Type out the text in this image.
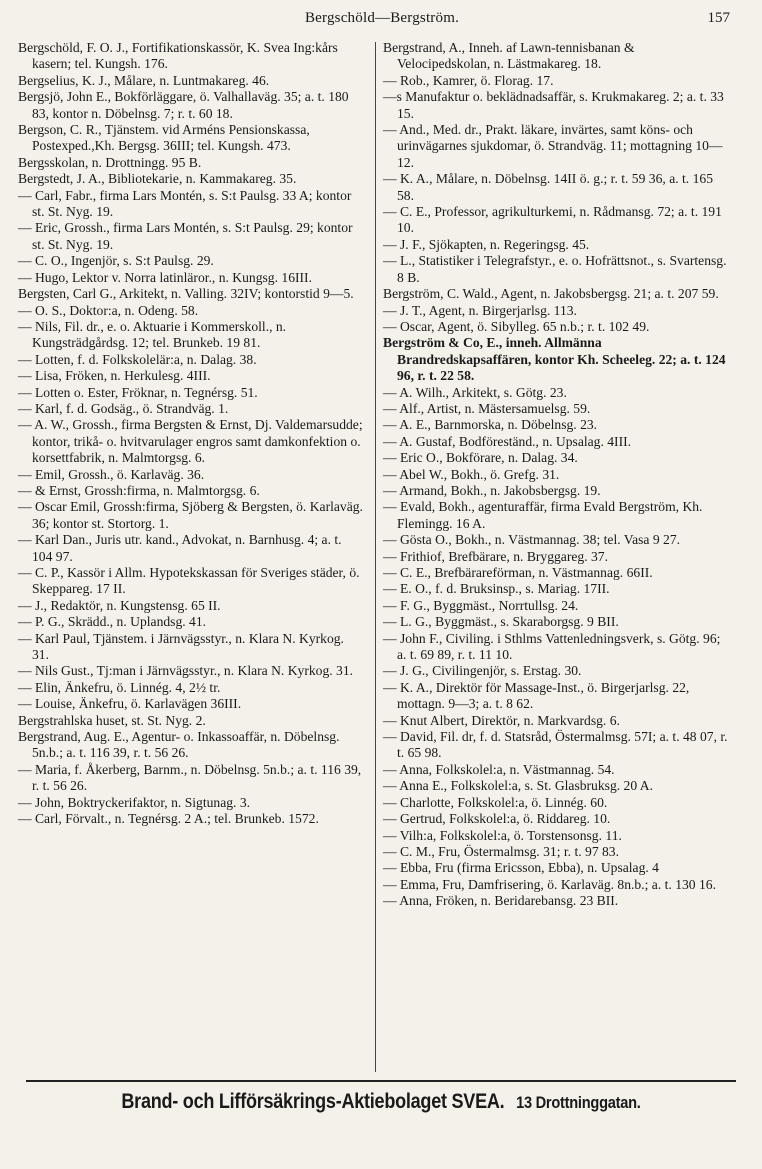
Bergschöld—Bergström.	157
Bergschöld, F. O. J., Fortifikationskassör, K. Svea Ing:kårs kasern; tel. Kungsh. 176.
Bergselius, K. J., Målare, n. Luntmakareg. 46.
Bergsjö, John E., Bokförläggare, ö. Valhallaväg. 35; a. t. 180 83, kontor n. Döbelnsg. 7; r. t. 60 18.
Bergson, C. R., Tjänstem. vid Arméns Pensionskassa, Postexped.,Kh. Bergsg. 36III; tel. Kungsh. 473.
Bergsskolan, n. Drottningg. 95 B.
Bergstedt, J. A., Bibliotekarie, n. Kammakareg. 35.
— Carl, Fabr., firma Lars Montén, s. S:t Paulsg. 33 A; kontor st. St. Nyg. 19.
— Eric, Grossh., firma Lars Montén, s. S:t Paulsg. 29; kontor st. St. Nyg. 19.
— C. O., Ingenjör, s. S:t Paulsg. 29.
— Hugo, Lektor v. Norra latinläror., n. Kungsg. 16III.
Bergsten, Carl G., Arkitekt, n. Valling. 32IV; kontorstid 9—5.
— O. S., Doktor:a, n. Odeng. 58.
— Nils, Fil. dr., e. o. Aktuarie i Kommerskoll., n. Kungsträdgårdsg. 12; tel. Brunkeb. 19 81.
— Lotten, f. d. Folkskolelär:a, n. Dalag. 38.
— Lisa, Fröken, n. Herkulesg. 4III.
— Lotten o. Ester, Fröknar, n. Tegnérsg. 51.
— Karl, f. d. Godsäg., ö. Strandväg. 1.
— A. W., Grossh., firma Bergsten & Ernst, Dj. Valdemarsudde; kontor, trikå- o. hvitvarulager engros samt damkonfektion o. korsettfabrik, n. Malmtorgsg. 6.
— Emil, Grossh., ö. Karlaväg. 36.
— & Ernst, Grossh:firma, n. Malmtorgsg. 6.
— Oscar Emil, Grossh:firma, Sjöberg & Bergsten, ö. Karlaväg. 36; kontor st. Stortorg. 1.
— Karl Dan., Juris utr. kand., Advokat, n. Barnhusg. 4; a. t. 104 97.
— C. P., Kassör i Allm. Hypotekskassan för Sveriges städer, ö. Skeppareg. 17 II.
— J., Redaktör, n. Kungstensg. 65 II.
— P. G., Skrädd., n. Uplandsg. 41.
— Karl Paul, Tjänstem. i Järnvägsstyr., n. Klara N. Kyrkog. 31.
— Nils Gust., Tj:man i Järnvägsstyr., n. Klara N. Kyrkog. 31.
— Elin, Änkefru, ö. Linnég. 4, 2½ tr.
— Louise, Änkefru, ö. Karlavägen 36III.
Bergstrahlska huset, st. St. Nyg. 2.
Bergstrand, Aug. E., Agentur- o. Inkassoaffär, n. Döbelnsg. 5n.b.; a. t. 116 39, r. t. 56 26.
— Maria, f. Åkerberg, Barnm., n. Döbelnsg. 5n.b.; a. t. 116 39, r. t. 56 26.
— John, Boktryckerifaktor, n. Sigtunag. 3.
— Carl, Förvalt., n. Tegnérsg. 2 A.; tel. Brunkeb. 1572.
Bergstrand, A., Inneh. af Lawn-tennisbanan & Velocipedskolan, n. Lästmakareg. 18.
— Rob., Kamrer, ö. Florag. 17.
—s Manufaktur o. beklädnadsaffär, s. Krukmakareg. 2; a. t. 33 15.
— And., Med. dr., Prakt. läkare, invärtes, samt köns- och urinvägarnes sjukdomar, ö. Strandväg. 11; mottagning 10—12.
— K. A., Målare, n. Döbelnsg. 14II ö. g.; r. t. 59 36, a. t. 165 58.
— C. E., Professor, agrikulturkemi, n. Rådmansg. 72; a. t. 191 10.
— J. F., Sjökapten, n. Regeringsg. 45.
— L., Statistiker i Telegrafstyr., e. o. Hofrättsnot., s. Svartensg. 8 B.
Bergström, C. Wald., Agent, n. Jakobsbergsg. 21; a. t. 207 59.
— J. T., Agent, n. Birgerjarlsg. 113.
— Oscar, Agent, ö. Sibylleg. 65 n.b.; r. t. 102 49.
Bergström & Co, E., inneh. Allmänna Brandredskapsaffären, kontor Kh. Scheeleg. 22; a. t. 124 96, r. t. 22 58.
— A. Wilh., Arkitekt, s. Götg. 23.
— Alf., Artist, n. Mästersamuelsg. 59.
— A. E., Barnmorska, n. Döbelnsg. 23.
— A. Gustaf, Bodföreständ., n. Upsalag. 4III.
— Eric O., Bokförare, n. Dalag. 34.
— Abel W., Bokh., ö. Grefg. 31.
— Armand, Bokh., n. Jakobsbergsg. 19.
— Evald, Bokh., agenturaffär, firma Evald Bergström, Kh. Flemingg. 16 A.
— Gösta O., Bokh., n. Västmannag. 38; tel. Vasa 9 27.
— Frithiof, Brefbärare, n. Bryggareg. 37.
— C. E., Brefbärareförman, n. Västmannag. 66II.
— E. O., f. d. Bruksinsp., s. Mariag. 17II.
— F. G., Byggmäst., Norrtullsg. 24.
— L. G., Byggmäst., s. Skaraborgsg. 9 BII.
— John F., Civiling. i Sthlms Vattenledningsverk, s. Götg. 96; a. t. 69 89, r. t. 11 10.
— J. G., Civilingenjör, s. Erstag. 30.
— K. A., Direktör för Massage-Inst., ö. Birgerjarlsg. 22, mottagn. 9—3; a. t. 8 62.
— Knut Albert, Direktör, n. Markvardsg. 6.
— David, Fil. dr, f. d. Statsråd, Östermalmsg. 57I; a. t. 48 07, r. t. 65 98.
— Anna, Folkskolel:a, n. Västmannag. 54.
— Anna E., Folkskolel:a, s. St. Glasbruksg. 20 A.
— Charlotte, Folkskolel:a, ö. Linnég. 60.
— Gertrud, Folkskolel:a, ö. Riddareg. 10.
— Vilh:a, Folkskolel:a, ö. Torstensonsg. 11.
— C. M., Fru, Östermalmsg. 31; r. t. 97 83.
— Ebba, Fru (firma Ericsson, Ebba), n. Upsalag. 4
— Emma, Fru, Damfrisering, ö. Karlaväg. 8n.b.; a. t. 130 16.
— Anna, Fröken, n. Beridarebansg. 23 BII.
Brand- och Lifförsäkrings-Aktiebolaget SVEA. 13 Drottninggatan.
